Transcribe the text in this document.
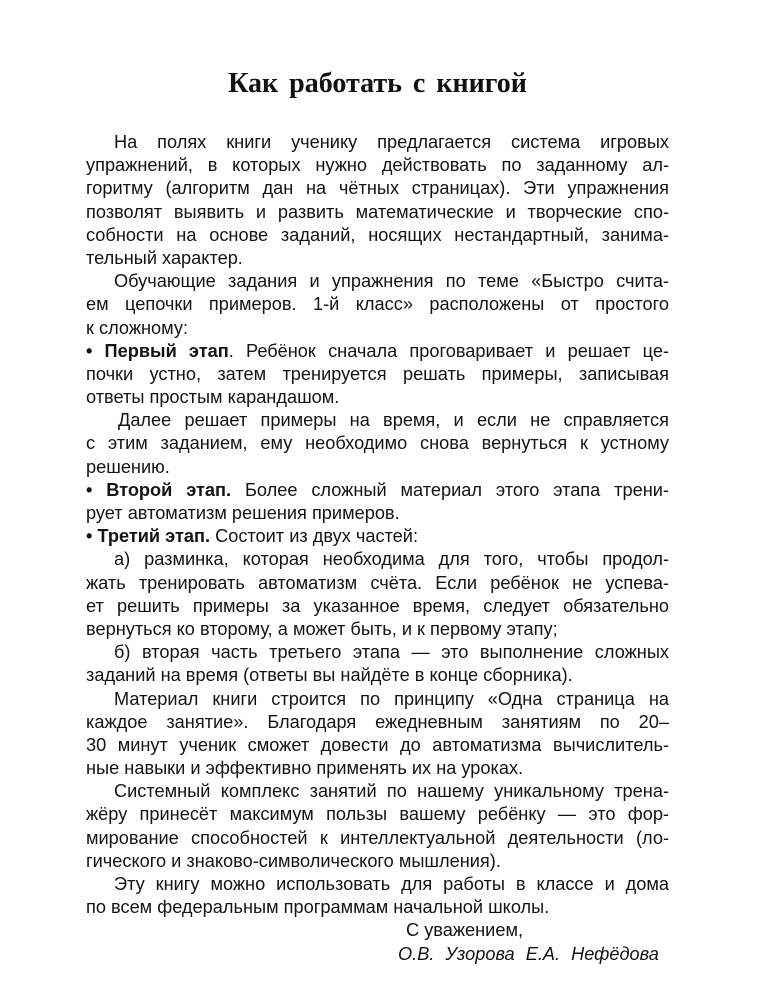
Как работать с книгой
На полях книги ученику предлагается система игровых
упражнений, в которых нужно действовать по заданному ал-
горитму (алгоритм дан на чётных страницах). Эти упражнения
позволят выявить и развить математические и творческие спо-
собности на основе заданий, носящих нестандартный, занима-
тельный характер.
Обучающие задания и упражнения по теме «Быстро счита-
ем цепочки примеров. 1-й класс» расположены от простого
к сложному:
• Первый этап. Ребёнок сначала проговаривает и решает це-
почки устно, затем тренируется решать примеры, записывая
ответы простым карандашом.
Далее решает примеры на время, и если не справляется
с этим заданием, ему необходимо снова вернуться к устному
решению.
• Второй этап. Более сложный материал этого этапа трени-
рует автоматизм решения примеров.
• Третий этап. Состоит из двух частей:
а) разминка, которая необходима для того, чтобы продол-
жать тренировать автоматизм счёта. Если ребёнок не успева-
ет решить примеры за указанное время, следует обязательно
вернуться ко второму, а может быть, и к первому этапу;
б) вторая часть третьего этапа — это выполнение сложных
заданий на время (ответы вы найдёте в конце сборника).
Материал книги строится по принципу «Одна страница на
каждое занятие». Благодаря ежедневным занятиям по 20–
30 минут ученик сможет довести до автоматизма вычислитель-
ные навыки и эффективно применять их на уроках.
Системный комплекс занятий по нашему уникальному трена-
жёру принесёт максимум пользы вашему ребёнку — это фор-
мирование способностей к интеллектуальной деятельности (ло-
гического и знаково-символического мышления).
Эту книгу можно использовать для работы в классе и дома
по всем федеральным программам начальной школы.
С уважением,
О.В. Узорова Е.А. Нефёдова
